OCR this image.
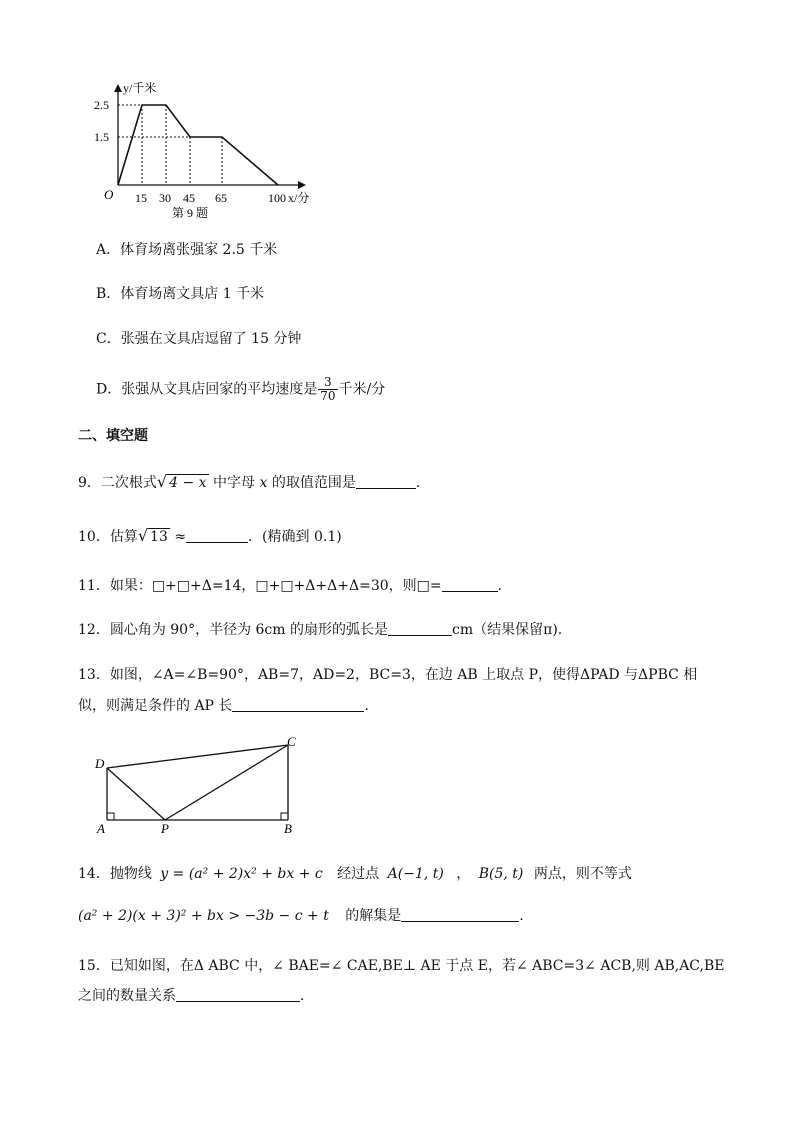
2.5
1.5
15 30 45 65	100
O
y/千米
x/分
第 9 题
A．体育场离张强家 2.5 千米
B．体育场离文具店 1 千米
C．张强在文具店逗留了 15 分钟
D．张强从文具店回家的平均速度是 $\frac{3}{70}$ 千米/分
二、填空题
9．二次根式√ 4 − x 中字母 x 的取值范围是	．
10．估算√ 13 ≈	．(精确到 0.1)
11．如果：□+□+Δ=14，□+□+Δ+Δ+Δ=30，则□=	.
12．圆心角为 90°，半径为 6cm 的扇形的弧长是	cm（结果保留π).
13．如图，∠A=∠B=90°，AB=7，AD=2，BC=3，在边 AB 上取点 P，使得ΔPAD 与ΔPBC 相
似，则满足条件的 AP 长	.
D
A	P	B
C
14．抛物线 y = (a² + 2)x² + bx + c 经过点 A(−1, t) ， B(5, t) 两点，则不等式
(a² + 2)(x + 3)² + bx > −3b − c + t 的解集是	.
15．已知如图，在Δ ABC 中，∠ BAE=∠ CAE,BE⊥ AE 于点 E，若∠ ABC=3∠ ACB,则 AB,AC,BE
之间的数量关系	．
